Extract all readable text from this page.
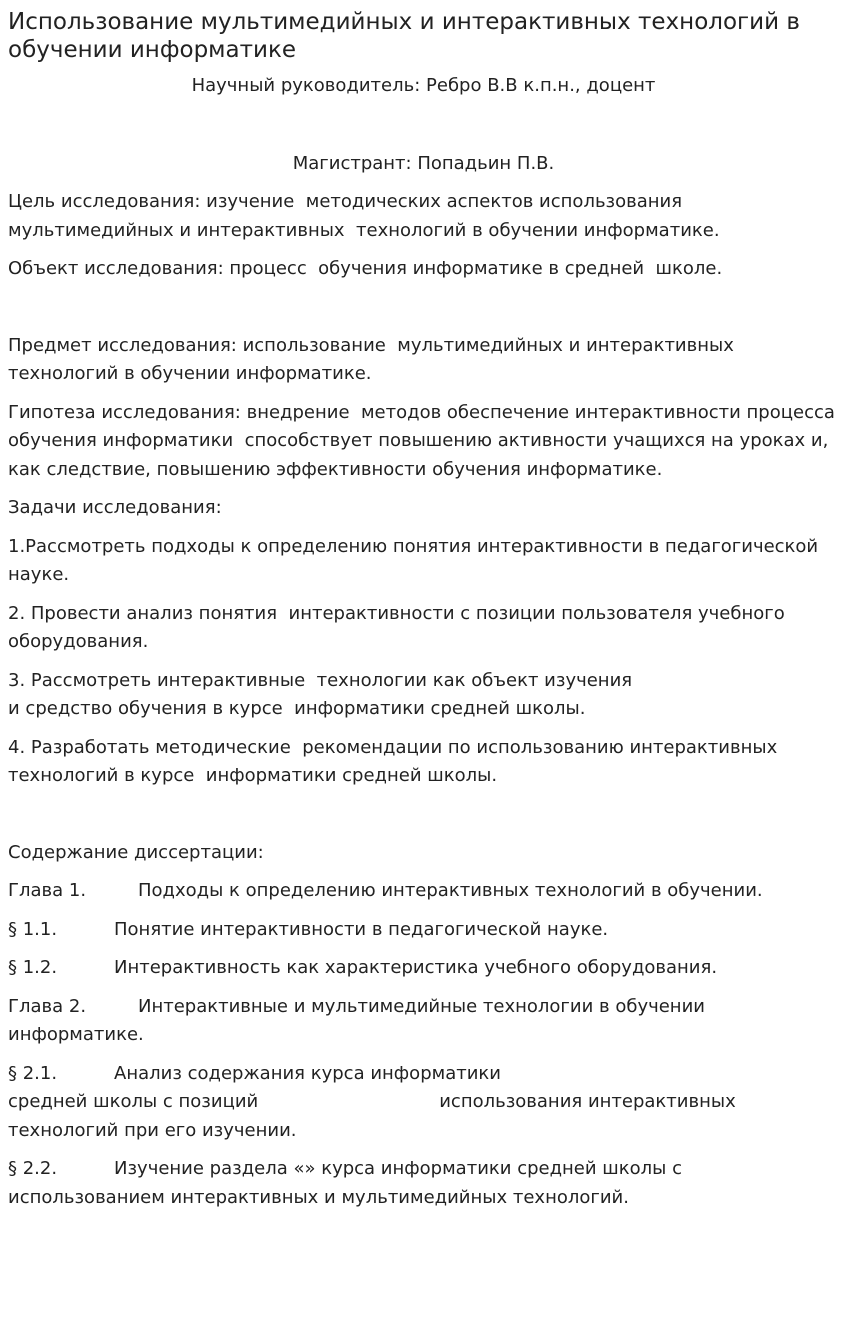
Использование мультимедийных и интерактивных технологий в обучении информатике
Научный руководитель: Ребро В.В к.п.н., доцент
Магистрант: Попадьин П.В.

Цель исследования: изучение  методических аспектов использования мультимедийных и интерактивных  технологий в обучении информатике.

Объект исследования: процесс  обучения информатике в средней  школе.

Предмет исследования: использование  мультимедийных и интерактивных технологий в обучении информатике.

Гипотеза исследования: внедрение  методов обеспечение интерактивности процесса обучения информатики  способствует повышению активности учащихся на уроках и, как следствие, повышению эффективности обучения информатике.

Задачи исследования:

1.Рассмотреть подходы к определению понятия интерактивности в педагогической науке.

2. Провести анализ понятия  интерактивности с позиции пользователя учебного оборудования.

3. Рассмотреть интерактивные  технологии как объект изучения

и средство обучения в курсе  информатики средней школы.

4. Разработать методические  рекомендации по использованию интерактивных технологий в курсе  информатики средней школы.

Содержание диссертации:

Глава 1.	Подходы к определению интерактивных технологий в обучении.
§ 1.1.	Понятие интерактивности в педагогической науке.
§ 1.2.	Интерактивность как характеристика учебного оборудования.
Глава 2.	Интерактивные и мультимедийные технологии в обучении
информатике.
§ 2.1.	Анализ содержания курса информатики
средней школы с позиций	использования интерактивных
технологий при его изучении.
§ 2.2.	Изучение раздела «» курса информатики средней школы с
использованием интерактивных и мультимедийных технологий.
